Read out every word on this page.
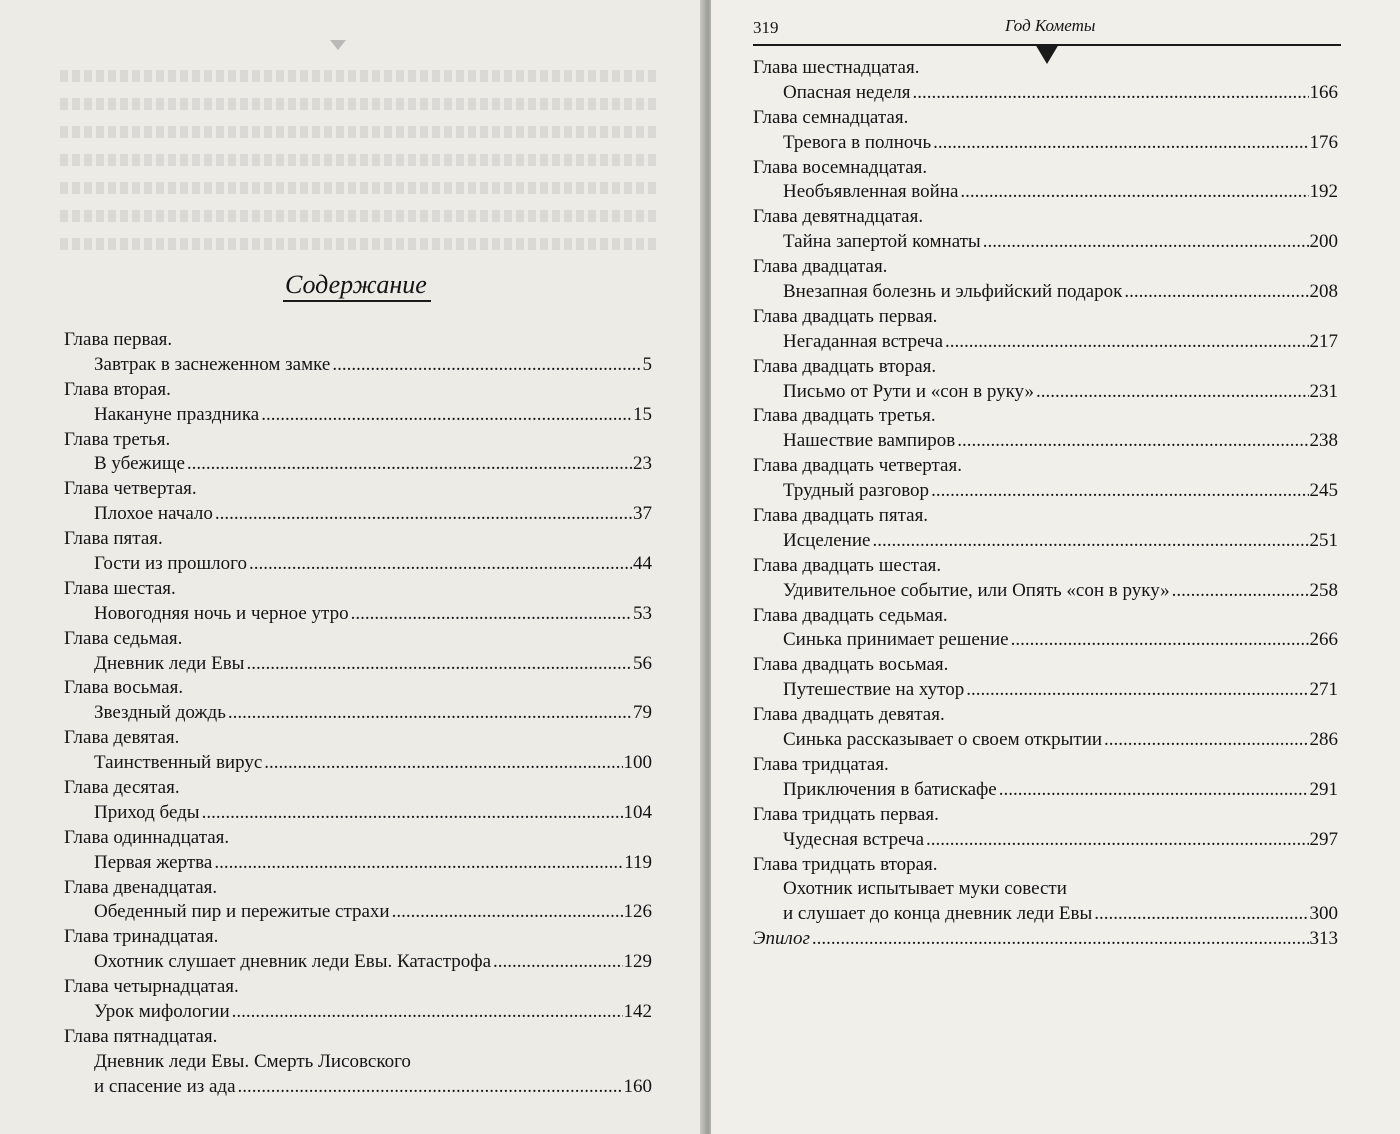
Содержание
Глава первая.
Завтрак в заснеженном замке .....	5
Глава вторая.
Накануне праздника .....	15
Глава третья.
В убежище .....	23
Глава четвертая.
Плохое начало .....	37
Глава пятая.
Гости из прошлого .....	44
Глава шестая.
Новогодняя ночь и черное утро .....	53
Глава седьмая.
Дневник леди Евы .....	56
Глава восьмая.
Звездный дождь .....	79
Глава девятая.
Таинственный вирус .....	100
Глава десятая.
Приход беды .....	104
Глава одиннадцатая.
Первая жертва .....	119
Глава двенадцатая.
Обеденный пир и пережитые страхи .....	126
Глава тринадцатая.
Охотник слушает дневник леди Евы. Катастрофа .....	129
Глава четырнадцатая.
Урок мифологии .....	142
Глава пятнадцатая.
Дневник леди Евы. Смерть Лисовского
и спасение из ада .....	160
319	Год Кометы
Глава шестнадцатая.
Опасная неделя .....	166
Глава семнадцатая.
Тревога в полночь .....	176
Глава восемнадцатая.
Необъявленная война .....	192
Глава девятнадцатая.
Тайна запертой комнаты .....	200
Глава двадцатая.
Внезапная болезнь и эльфийский подарок .....	208
Глава двадцать первая.
Негаданная встреча .....	217
Глава двадцать вторая.
Письмо от Рути и «сон в руку» .....	231
Глава двадцать третья.
Нашествие вампиров .....	238
Глава двадцать четвертая.
Трудный разговор .....	245
Глава двадцать пятая.
Исцеление .....	251
Глава двадцать шестая.
Удивительное событие, или Опять «сон в руку» .....	258
Глава двадцать седьмая.
Синька принимает решение .....	266
Глава двадцать восьмая.
Путешествие на хутор .....	271
Глава двадцать девятая.
Синька рассказывает о своем открытии .....	286
Глава тридцатая.
Приключения в батискафе .....	291
Глава тридцать первая.
Чудесная встреча .....	297
Глава тридцать вторая.
Охотник испытывает муки совести
и слушает до конца дневник леди Евы .....	300
Эпилог .....	313
